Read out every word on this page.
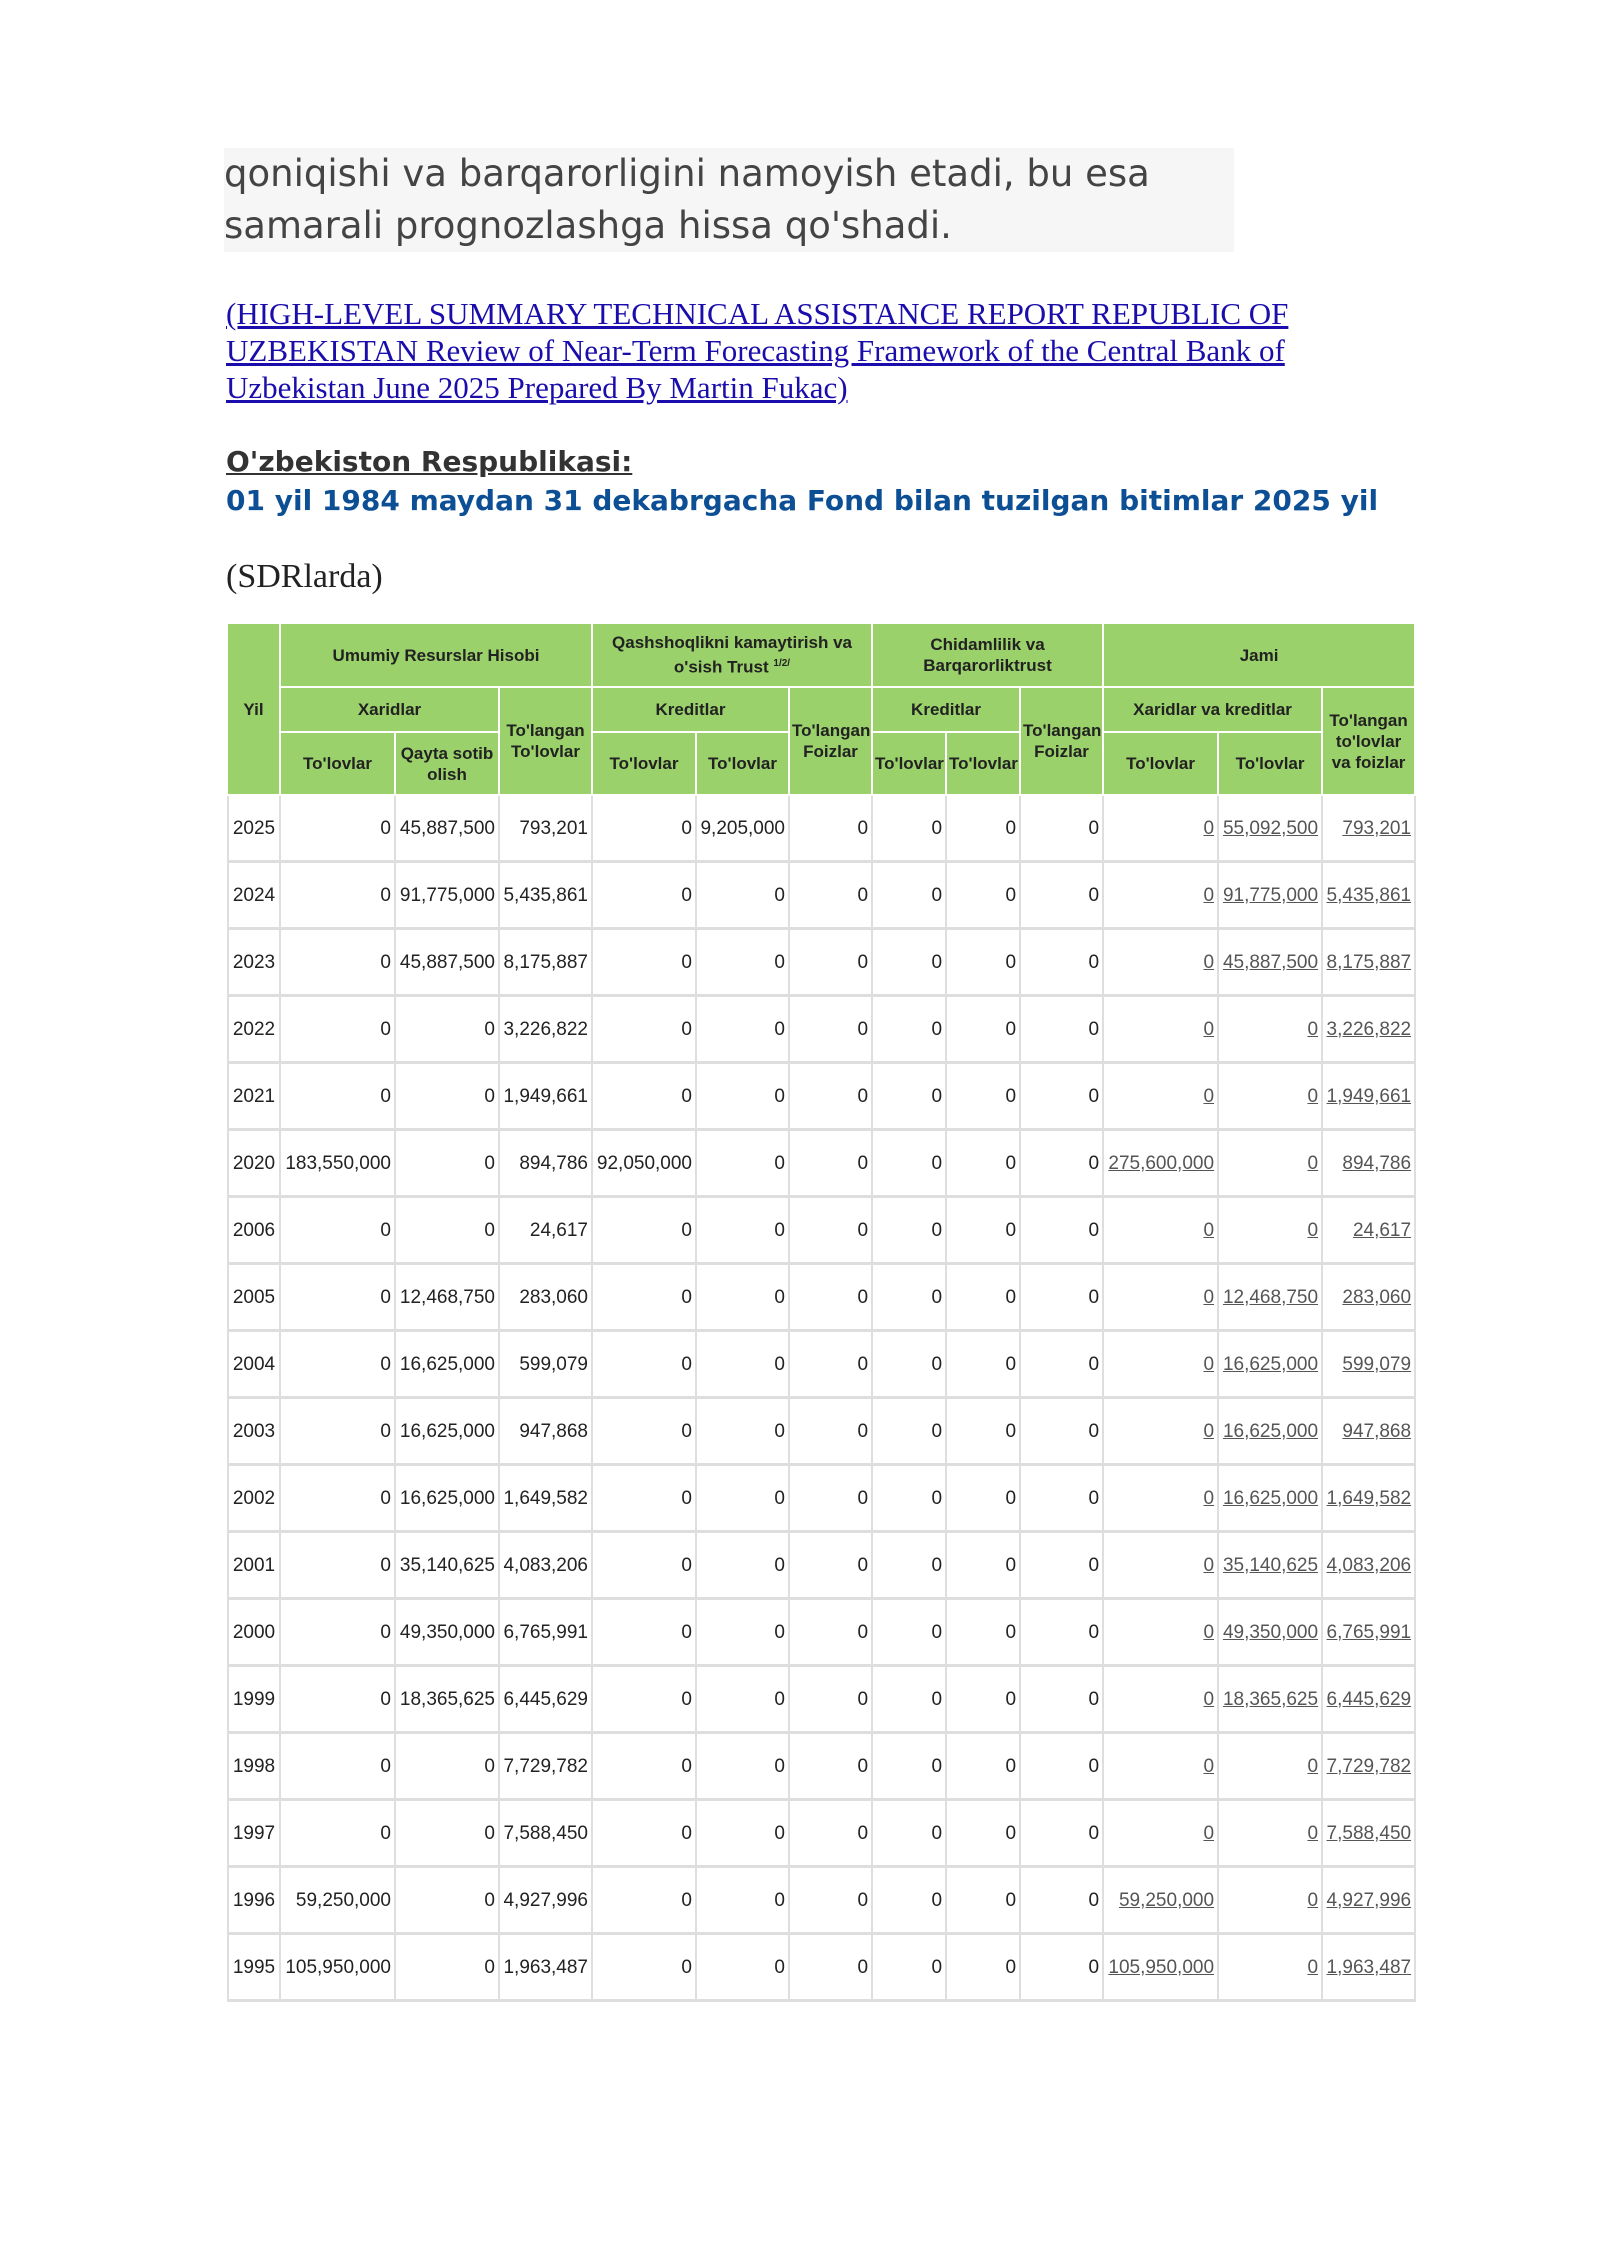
qoniqishi va barqarorligini namoyish etadi, bu esa samarali prognozlashga hissa qo'shadi.
(HIGH-LEVEL SUMMARY TECHNICAL ASSISTANCE REPORT REPUBLIC OF UZBEKISTAN Review of Near-Term Forecasting Framework of the Central Bank of Uzbekistan June 2025 Prepared By Martin Fukac)
O'zbekiston Respublikasi:
01 yil 1984 maydan 31 dekabrgacha Fond bilan tuzilgan bitimlar 2025 yil
(SDRlarda)
Yil	Umumiy Resurslar Hisobi			Qashshoqlikni kamaytirish va o'sish Trust $^{1/2/}$			Chidamlilik va Barqarorliktrust			Jami		
	Xaridlar		To'langan To'lovlar	Kreditlar		To'langan Foizlar	Kreditlar		To'langan Foizlar	Xaridlar va kreditlar		To'langan to'lovlar va foizlar
	To'lovlar	Qayta sotib olish		To'lovlar	To'lovlar		To'lovlar	To'lovlar		To'lovlar	To'lovlar	
2025	0	45,887,500	793,201	0	9,205,000	0	0	0	0	0	55,092,500	793,201
2024	0	91,775,000	5,435,861	0	0	0	0	0	0	0	91,775,000	5,435,861
2023	0	45,887,500	8,175,887	0	0	0	0	0	0	0	45,887,500	8,175,887
2022	0	0	3,226,822	0	0	0	0	0	0	0	0	3,226,822
2021	0	0	1,949,661	0	0	0	0	0	0	0	0	1,949,661
2020	183,550,000	0	894,786	92,050,000	0	0	0	0	0	275,600,000	0	894,786
2006	0	0	24,617	0	0	0	0	0	0	0	0	24,617
2005	0	12,468,750	283,060	0	0	0	0	0	0	0	12,468,750	283,060
2004	0	16,625,000	599,079	0	0	0	0	0	0	0	16,625,000	599,079
2003	0	16,625,000	947,868	0	0	0	0	0	0	0	16,625,000	947,868
2002	0	16,625,000	1,649,582	0	0	0	0	0	0	0	16,625,000	1,649,582
2001	0	35,140,625	4,083,206	0	0	0	0	0	0	0	35,140,625	4,083,206
2000	0	49,350,000	6,765,991	0	0	0	0	0	0	0	49,350,000	6,765,991
1999	0	18,365,625	6,445,629	0	0	0	0	0	0	0	18,365,625	6,445,629
1998	0	0	7,729,782	0	0	0	0	0	0	0	0	7,729,782
1997	0	0	7,588,450	0	0	0	0	0	0	0	0	7,588,450
1996	59,250,000	0	4,927,996	0	0	0	0	0	0	59,250,000	0	4,927,996
1995	105,950,000	0	1,963,487	0	0	0	0	0	0	105,950,000	0	1,963,487
